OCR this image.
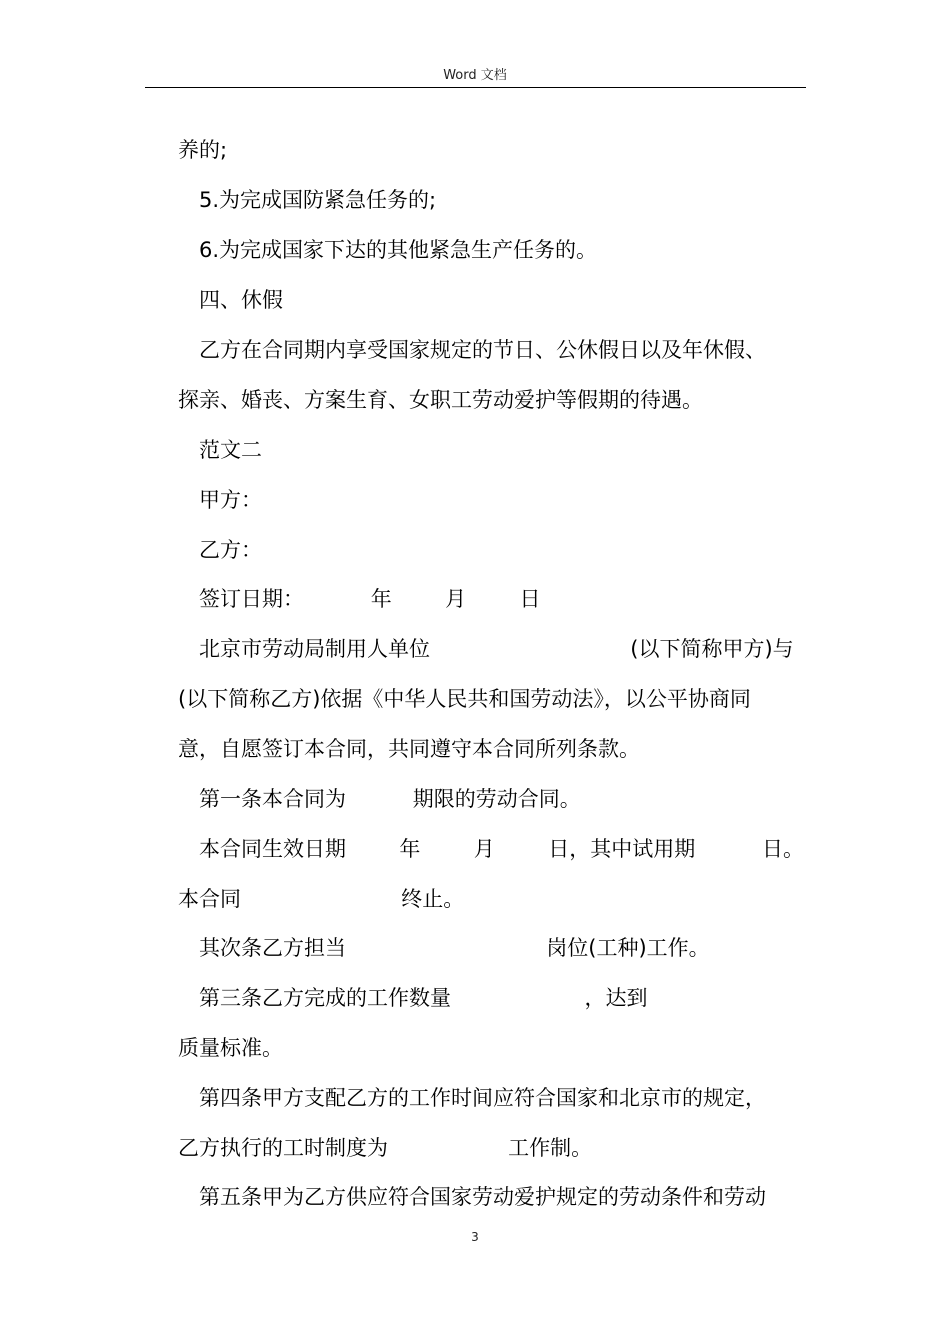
Word 文档
养的;
5.为完成国防紧急任务的;
6.为完成国家下达的其他紧急生产任务的。
四、休假
乙方在合同期内享受国家规定的节日、公休假日以及年休假、
探亲、婚丧、方案生育、女职工劳动爱护等假期的待遇。
范文二
甲方：
乙方：
签订日期：          年        月        日
北京市劳动局制用人单位                              (以下简称甲方)与
(以下简称乙方)依据《中华人民共和国劳动法》，以公平协商同
意，自愿签订本合同，共同遵守本合同所列条款。
第一条本合同为          期限的劳动合同。
本合同生效日期        年        月        日，其中试用期          日。
本合同                        终止。
其次条乙方担当                              岗位(工种)工作。
第三条乙方完成的工作数量                    ，达到
质量标准。
第四条甲方支配乙方的工作时间应符合国家和北京市的规定，
乙方执行的工时制度为                  工作制。
第五条甲为乙方供应符合国家劳动爱护规定的劳动条件和劳动
3
